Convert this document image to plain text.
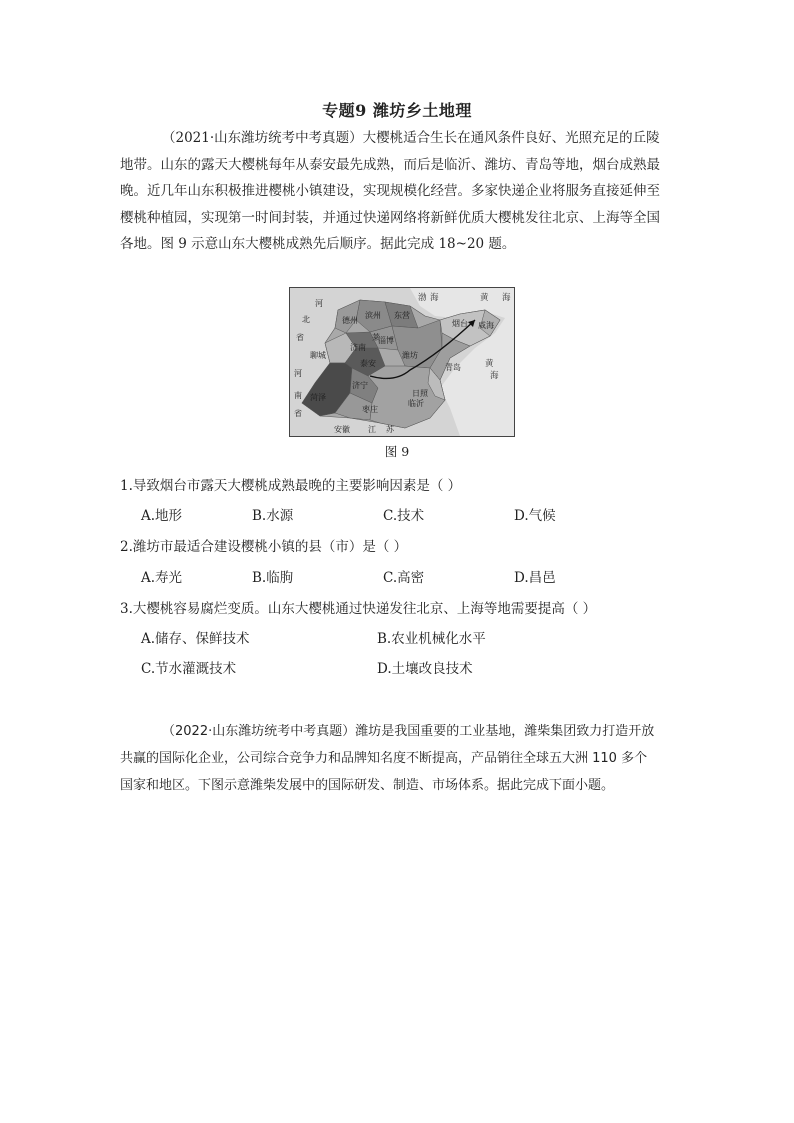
专题9 潍坊乡土地理
（2021·山东潍坊统考中考真题）大樱桃适合生长在通风条件良好、光照充足的丘陵
地带。山东的露天大樱桃每年从泰安最先成熟，而后是临沂、潍坊、青岛等地，烟台成熟最
晚。近几年山东积极推进樱桃小镇建设，实现规模化经营。多家快递企业将服务直接延伸至
樱桃种植园，实现第一时间封装，并通过快递网络将新鲜优质大樱桃发往北京、上海等全国
各地。图 9 示意山东大樱桃成熟先后顺序。据此完成 18~20 题。
渤 海	黄 海
黄
海
河
北
省
河
南
省
德州
滨州 东营
济南
淄博
聊城
泰安
潍坊
烟台 威海
青岛
济宁
菏泽
枣庄
日照
临沂
莱
安徽 江 苏
图 9
1.导致烟台市露天大樱桃成熟最晚的主要影响因素是（ ）
A.地形	B.水源	C.技术	D.气候
2.潍坊市最适合建设樱桃小镇的县（市）是（ ）
A.寿光	B.临朐	C.高密	D.昌邑
3.大樱桃容易腐烂变质。山东大樱桃通过快递发往北京、上海等地需要提高（ ）
A.储存、保鲜技术	B.农业机械化水平
C.节水灌溉技术	D.土壤改良技术
（2022·山东潍坊统考中考真题）潍坊是我国重要的工业基地，潍柴集团致力打造开放
共赢的国际化企业，公司综合竞争力和品牌知名度不断提高，产品销往全球五大洲 110 多个
国家和地区。下图示意潍柴发展中的国际研发、制造、市场体系。据此完成下面小题。
